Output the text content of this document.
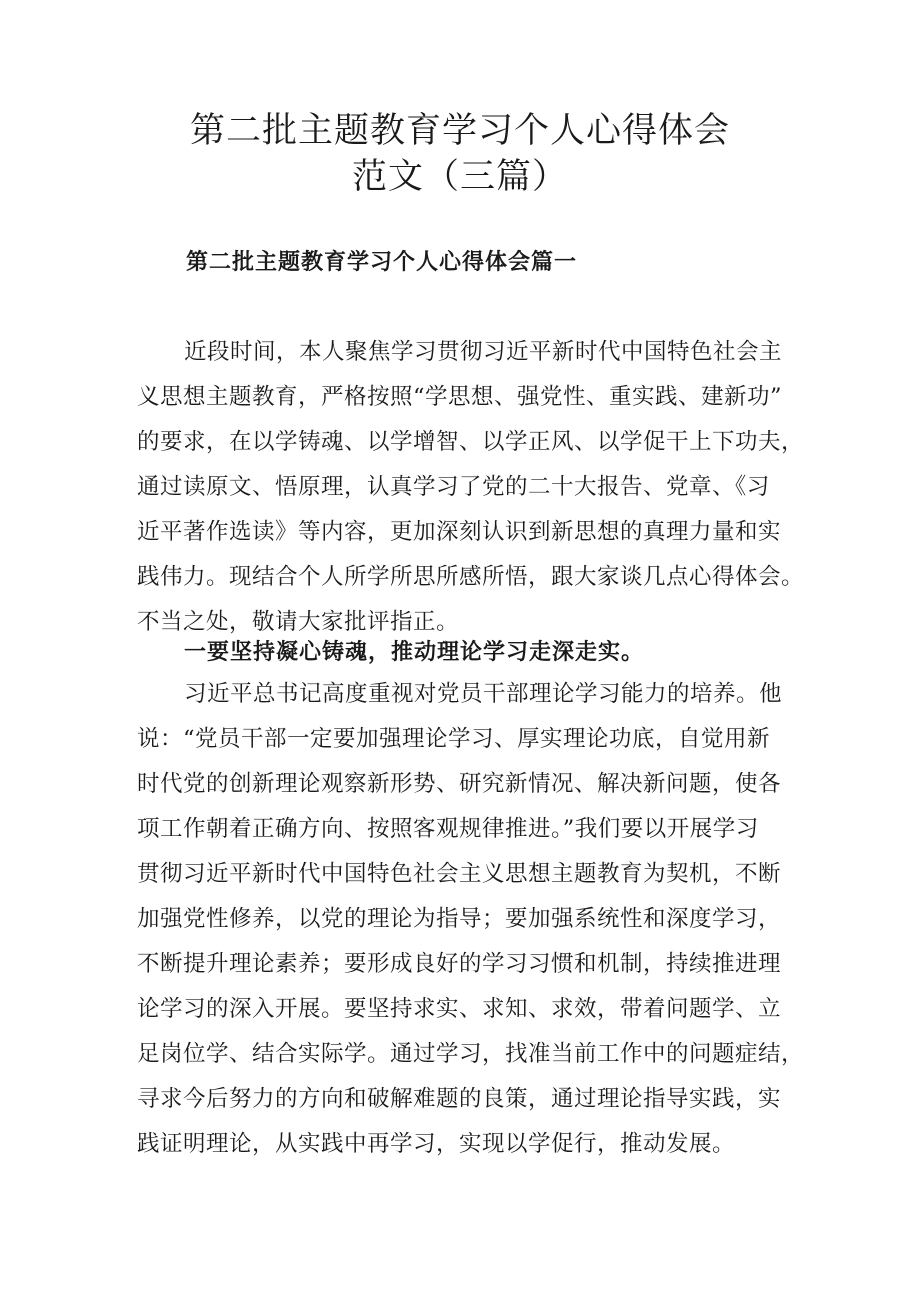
第二批主题教育学习个人心得体会
范文（三篇）
第二批主题教育学习个人心得体会篇一
近段时间，本人聚焦学习贯彻习近平新时代中国特色社会主
义思想主题教育，严格按照“学思想、强党性、重实践、建新功”
的要求，在以学铸魂、以学增智、以学正风、以学促干上下功夫，
通过读原文、悟原理，认真学习了党的二十大报告、党章、《习
近平著作选读》等内容，更加深刻认识到新思想的真理力量和实
践伟力。现结合个人所学所思所感所悟，跟大家谈几点心得体会。
不当之处，敬请大家批评指正。
一要坚持凝心铸魂，推动理论学习走深走实。
习近平总书记高度重视对党员干部理论学习能力的培养。他
说：“党员干部一定要加强理论学习、厚实理论功底，自觉用新
时代党的创新理论观察新形势、研究新情况、解决新问题，使各
项工作朝着正确方向、按照客观规律推进。”我们要以开展学习
贯彻习近平新时代中国特色社会主义思想主题教育为契机，不断
加强党性修养，以党的理论为指导；要加强系统性和深度学习，
不断提升理论素养；要形成良好的学习习惯和机制，持续推进理
论学习的深入开展。要坚持求实、求知、求效，带着问题学、立
足岗位学、结合实际学。通过学习，找准当前工作中的问题症结，
寻求今后努力的方向和破解难题的良策，通过理论指导实践，实
践证明理论，从实践中再学习，实现以学促行，推动发展。
